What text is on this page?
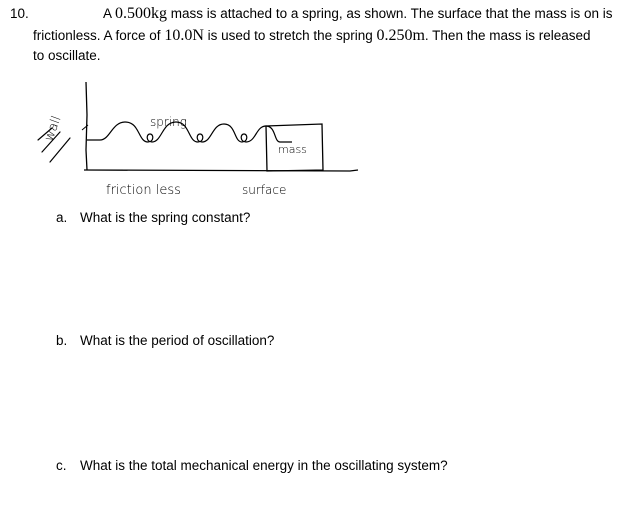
10.	A 0.500kg mass is attached to a spring, as shown. The surface that the mass is on is
frictionless. A force of 10.0N is used to stretch the spring 0.250m. Then the mass is released
to oscillate.
wall	spring
mass
friction less	surface
a. What is the spring constant?
b. What is the period of oscillation?
c. What is the total mechanical energy in the oscillating system?
